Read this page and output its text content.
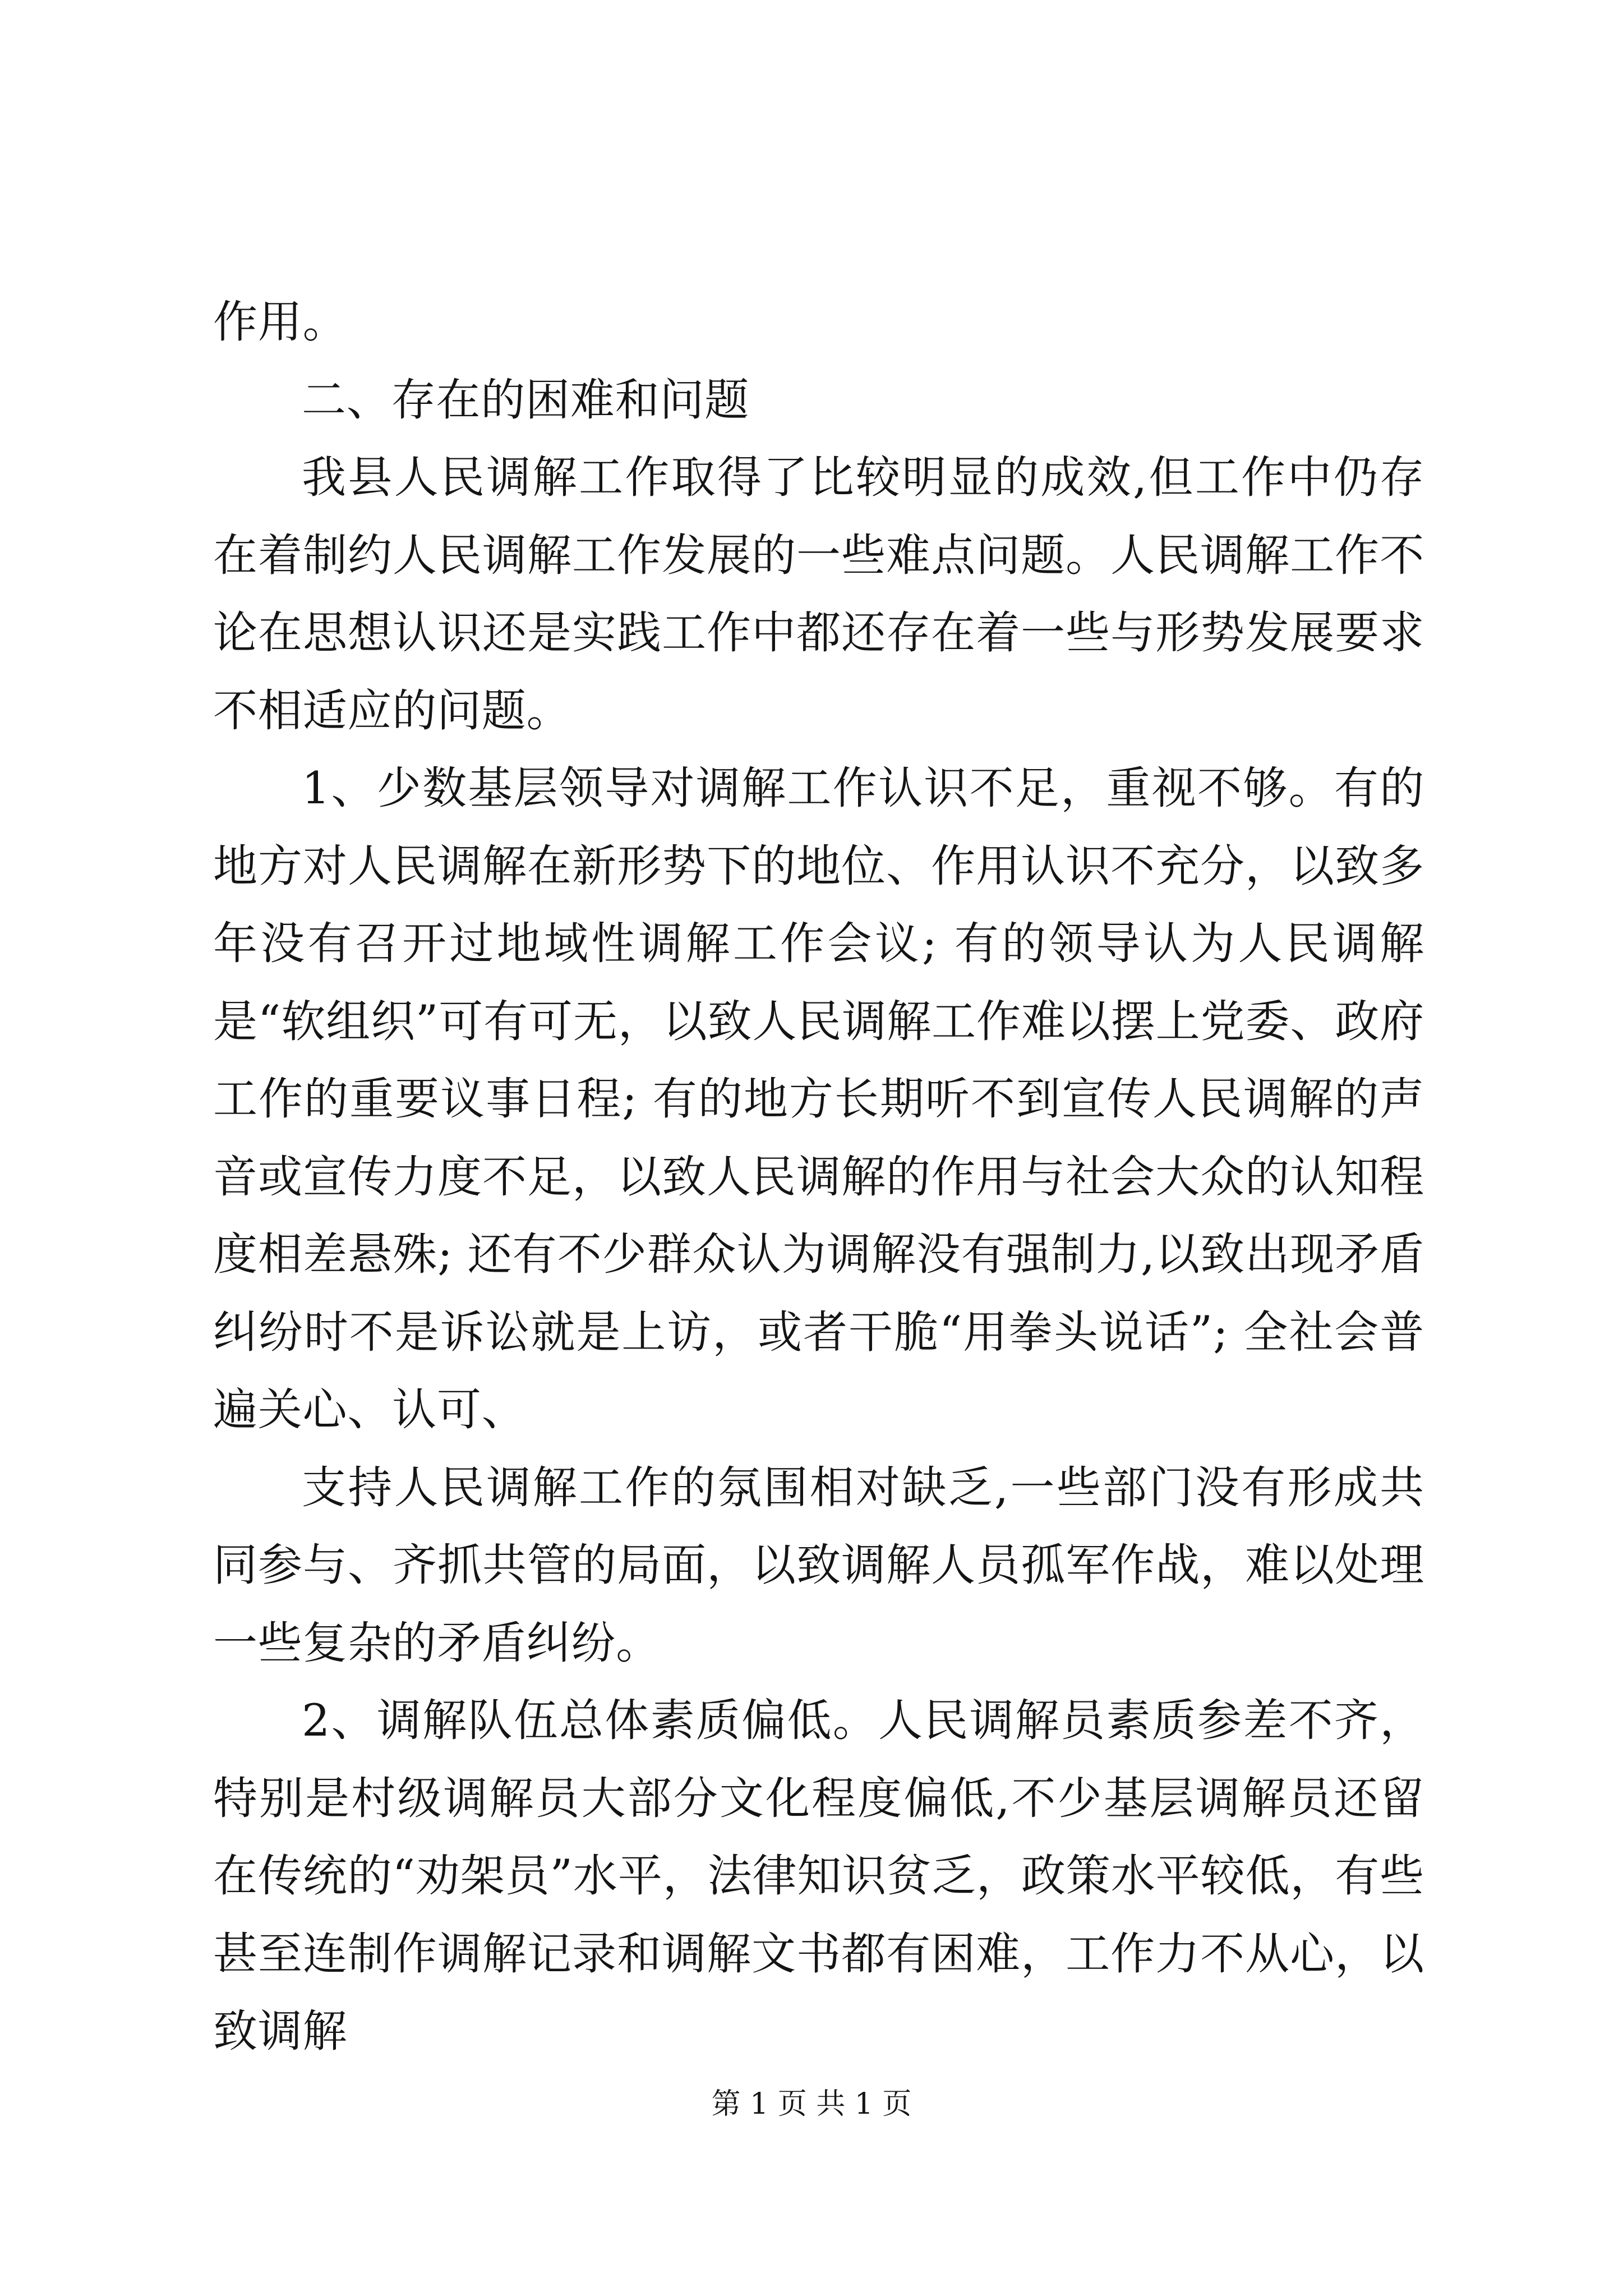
作用。

二、存在的困难和问题

我县人民调解工作取得了比较明显的成效,但工作中仍存在着制约人民调解工作发展的一些难点问题。人民调解工作不论在思想认识还是实践工作中都还存在着一些与形势发展要求不相适应的问题。

1、少数基层领导对调解工作认识不足，重视不够。有的地方对人民调解在新形势下的地位、作用认识不充分，以致多年没有召开过地域性调解工作会议; 有的领导认为人民调解是“软组织”可有可无，以致人民调解工作难以摆上党委、政府工作的重要议事日程; 有的地方长期听不到宣传人民调解的声音或宣传力度不足，以致人民调解的作用与社会大众的认知程度相差悬殊; 还有不少群众认为调解没有强制力,以致出现矛盾纠纷时不是诉讼就是上访，或者干脆“用拳头说话”; 全社会普遍关心、认可、

支持人民调解工作的氛围相对缺乏,一些部门没有形成共同参与、齐抓共管的局面，以致调解人员孤军作战，难以处理一些复杂的矛盾纠纷。

2、调解队伍总体素质偏低。人民调解员素质参差不齐，特别是村级调解员大部分文化程度偏低,不少基层调解员还留在传统的“劝架员”水平，法律知识贫乏，政策水平较低，有些甚至连制作调解记录和调解文书都有困难，工作力不从心，以致调解

第 1 页 共 1 页
